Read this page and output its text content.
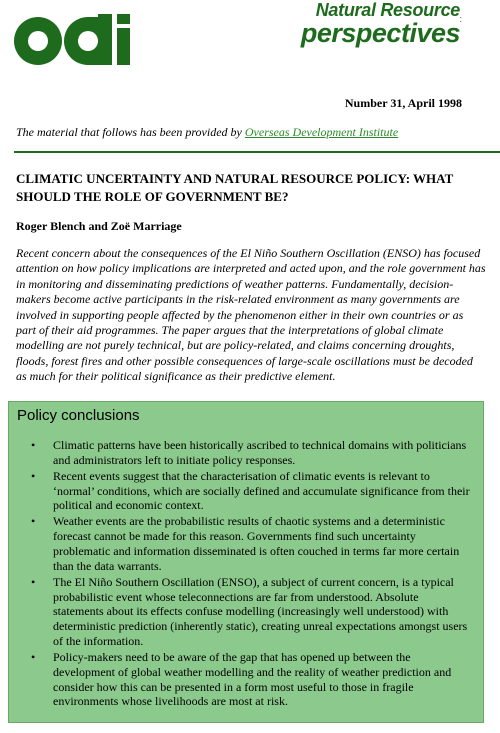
Natural Resource
perspectives :
Number 31, April 1998
The material that follows has been provided by Overseas Development Institute
CLIMATIC UNCERTAINTY AND NATURAL RESOURCE POLICY: WHAT SHOULD THE ROLE OF GOVERNMENT BE?
Roger Blench and Zoë Marriage
Recent concern about the consequences of the El Niño Southern Oscillation (ENSO) has focused attention on how policy implications are interpreted and acted upon, and the role government has in monitoring and disseminating predictions of weather patterns. Fundamentally, decision-makers become active participants in the risk-related environment as many governments are involved in supporting people affected by the phenomenon either in their own countries or as part of their aid programmes. The paper argues that the interpretations of global climate modelling are not purely technical, but are policy-related, and claims concerning droughts, floods, forest fires and other possible consequences of large-scale oscillations must be decoded as much for their political significance as their predictive element.
Policy conclusions
• Climatic patterns have been historically ascribed to technical domains with politicians and administrators left to initiate policy responses.
• Recent events suggest that the characterisation of climatic events is relevant to ‘normal’ conditions, which are socially defined and accumulate significance from their political and economic context.
• Weather events are the probabilistic results of chaotic systems and a deterministic forecast cannot be made for this reason. Governments find such uncertainty problematic and information disseminated is often couched in terms far more certain than the data warrants.
• The El Niño Southern Oscillation (ENSO), a subject of current concern, is a typical probabilistic event whose teleconnections are far from understood. Absolute statements about its effects confuse modelling (increasingly well understood) with deterministic prediction (inherently static), creating unreal expectations amongst users of the information.
• Policy-makers need to be aware of the gap that has opened up between the development of global weather modelling and the reality of weather prediction and consider how this can be presented in a form most useful to those in fragile environments whose livelihoods are most at risk.
